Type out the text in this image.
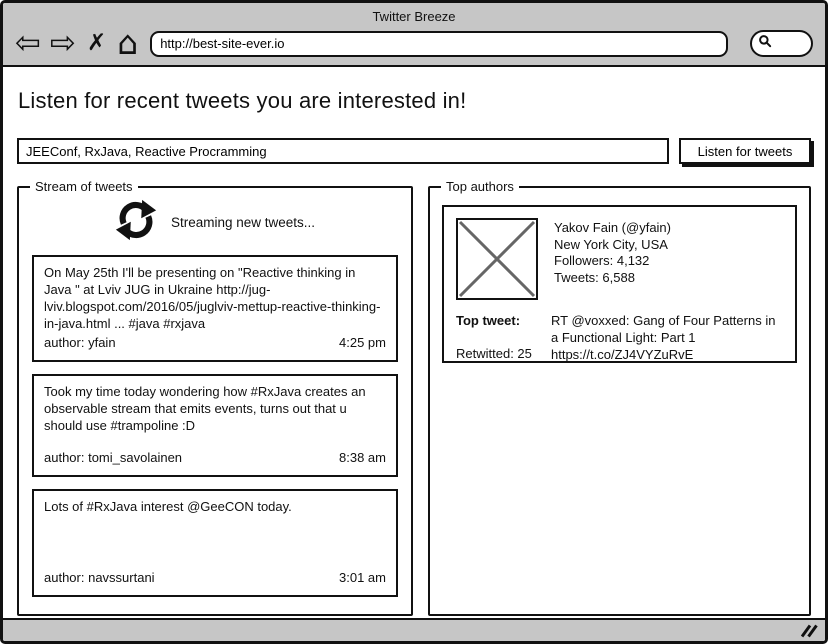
Twitter Breeze
⇦ ⇨ ✗ ⌂
http://best-site-ever.io
Listen for recent tweets you are interested in!
JEEConf, RxJava, Reactive Procramming
Listen for tweets
Stream of tweets
Streaming new tweets...
On May 25th I'll be presenting on "Reactive thinking in Java " at Lviv JUG in Ukraine http://jug-lviv.blogspot.com/2016/05/juglviv-mettup-reactive-thinking-in-java.html ... #java #rxjava
author: yfain	4:25 pm
Took my time today wondering how #RxJava creates an observable stream that emits events, turns out that u should use #trampoline :D
author: tomi_savolainen	8:38 am
Lots of #RxJava interest @GeeCON today.
author: navssurtani	3:01 am
Top authors
Yakov Fain (@yfain)
New York City, USA
Followers: 4,132
Tweets: 6,588
Top tweet:
Retwitted: 25
RT @voxxed: Gang of Four Patterns in a Functional Light: Part 1 https://t.co/ZJ4VYZuRvE
